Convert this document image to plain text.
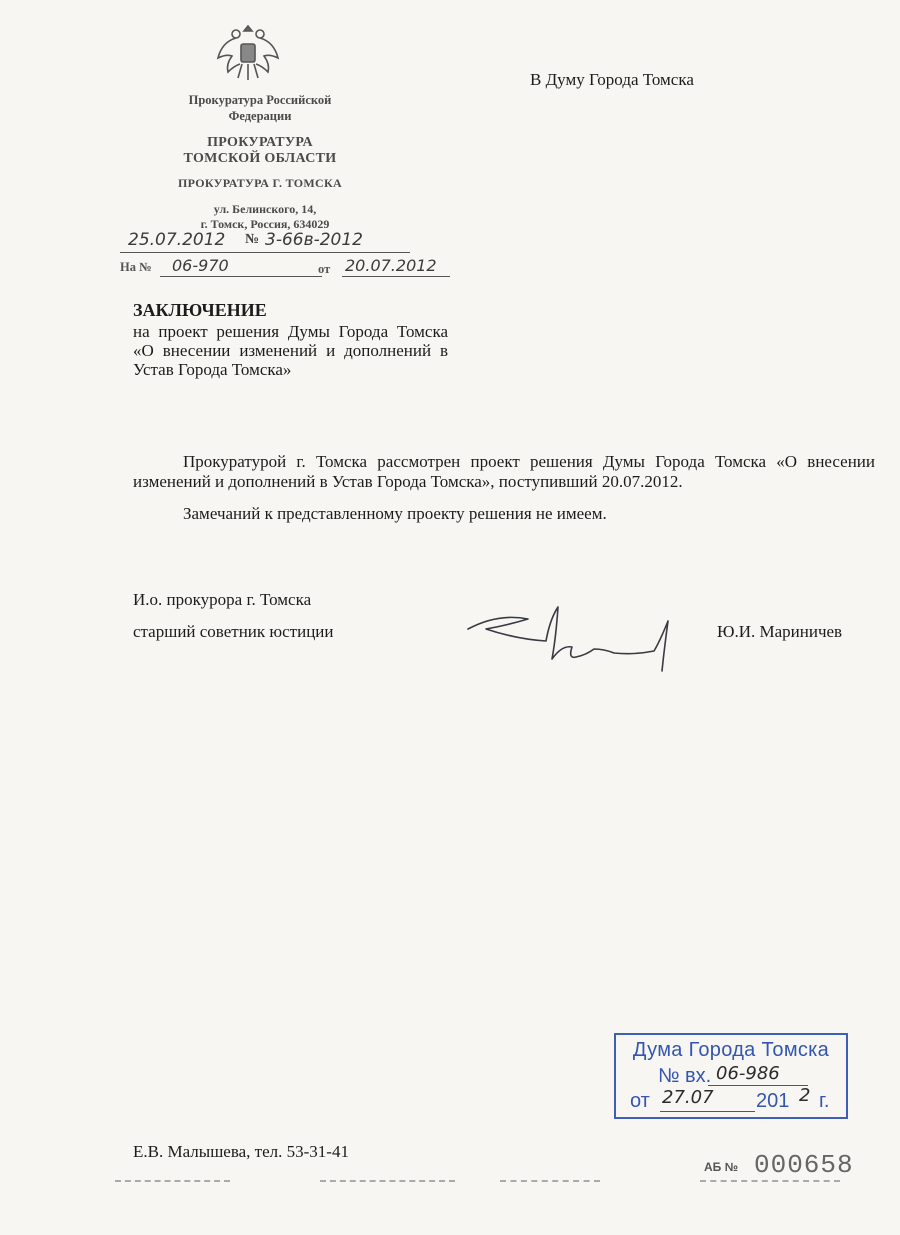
Прокуратура Российской
Федерации
ПРОКУРАТУРА
ТОМСКОЙ ОБЛАСТИ
ПРОКУРАТУРА Г. ТОМСКА
ул. Белинского, 14,
г. Томск, Россия, 634029
25.07.2012 № 3-66в-2012
На № 06-970	от 20.07.2012
В Думу Города Томска
ЗАКЛЮЧЕНИЕ
на проект решения Думы Города Томска «О внесении изменений и дополнений в Устав Города Томска»

Прокуратурой г. Томска рассмотрен проект решения Думы Города Томска «О внесении изменений и дополнений в Устав Города Томска», поступивший 20.07.2012.

Замечаний к представленному проекту решения не имеем.

И.о. прокурора г. Томска
старший советник юстиции	Ю.И. Мариничев
Дума Города Томска
№ вх. 06-986
от 27.07 201 2 г.
Е.В. Малышева, тел. 53-31-41
АБ № 000658
